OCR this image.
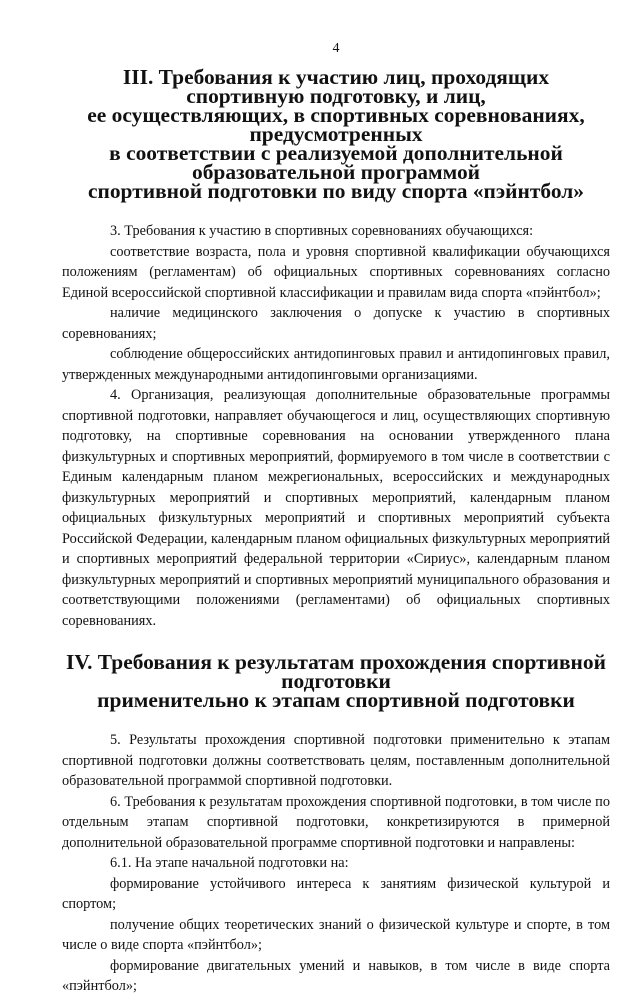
4
III. Требования к участию лиц, проходящих спортивную подготовку, и лиц,
ее осуществляющих, в спортивных соревнованиях, предусмотренных
в соответствии с реализуемой дополнительной образовательной программой
спортивной подготовки по виду спорта «пэйнтбол»

3. Требования к участию в спортивных соревнованиях обучающихся:

соответствие возраста, пола и уровня спортивной квалификации обучающихся положениям (регламентам) об официальных спортивных соревнованиях согласно Единой всероссийской спортивной классификации и правилам вида спорта «пэйнтбол»;

наличие медицинского заключения о допуске к участию в спортивных соревнованиях;

соблюдение общероссийских антидопинговых правил и антидопинговых правил, утвержденных международными антидопинговыми организациями.

4. Организация, реализующая дополнительные образовательные программы спортивной подготовки, направляет обучающегося и лиц, осуществляющих спортивную подготовку, на спортивные соревнования на основании утвержденного плана физкультурных и спортивных мероприятий, формируемого в том числе в соответствии с Единым календарным планом межрегиональных, всероссийских и международных физкультурных мероприятий и спортивных мероприятий, календарным планом официальных физкультурных мероприятий и спортивных мероприятий субъекта Российской Федерации, календарным планом официальных физкультурных мероприятий и спортивных мероприятий федеральной территории «Сириус», календарным планом физкультурных мероприятий и спортивных мероприятий муниципального образования и соответствующими положениями (регламентами) об официальных спортивных соревнованиях.

IV. Требования к результатам прохождения спортивной подготовки
применительно к этапам спортивной подготовки

5. Результаты прохождения спортивной подготовки применительно к этапам спортивной подготовки должны соответствовать целям, поставленным дополнительной образовательной программой спортивной подготовки.

6. Требования к результатам прохождения спортивной подготовки, в том числе по отдельным этапам спортивной подготовки, конкретизируются в примерной дополнительной образовательной программе спортивной подготовки и направлены:

6.1. На этапе начальной подготовки на:

формирование устойчивого интереса к занятиям физической культурой и спортом;

получение общих теоретических знаний о физической культуре и спорте, в том числе о виде спорта «пэйнтбол»;

формирование двигательных умений и навыков, в том числе в виде спорта «пэйнтбол»;
